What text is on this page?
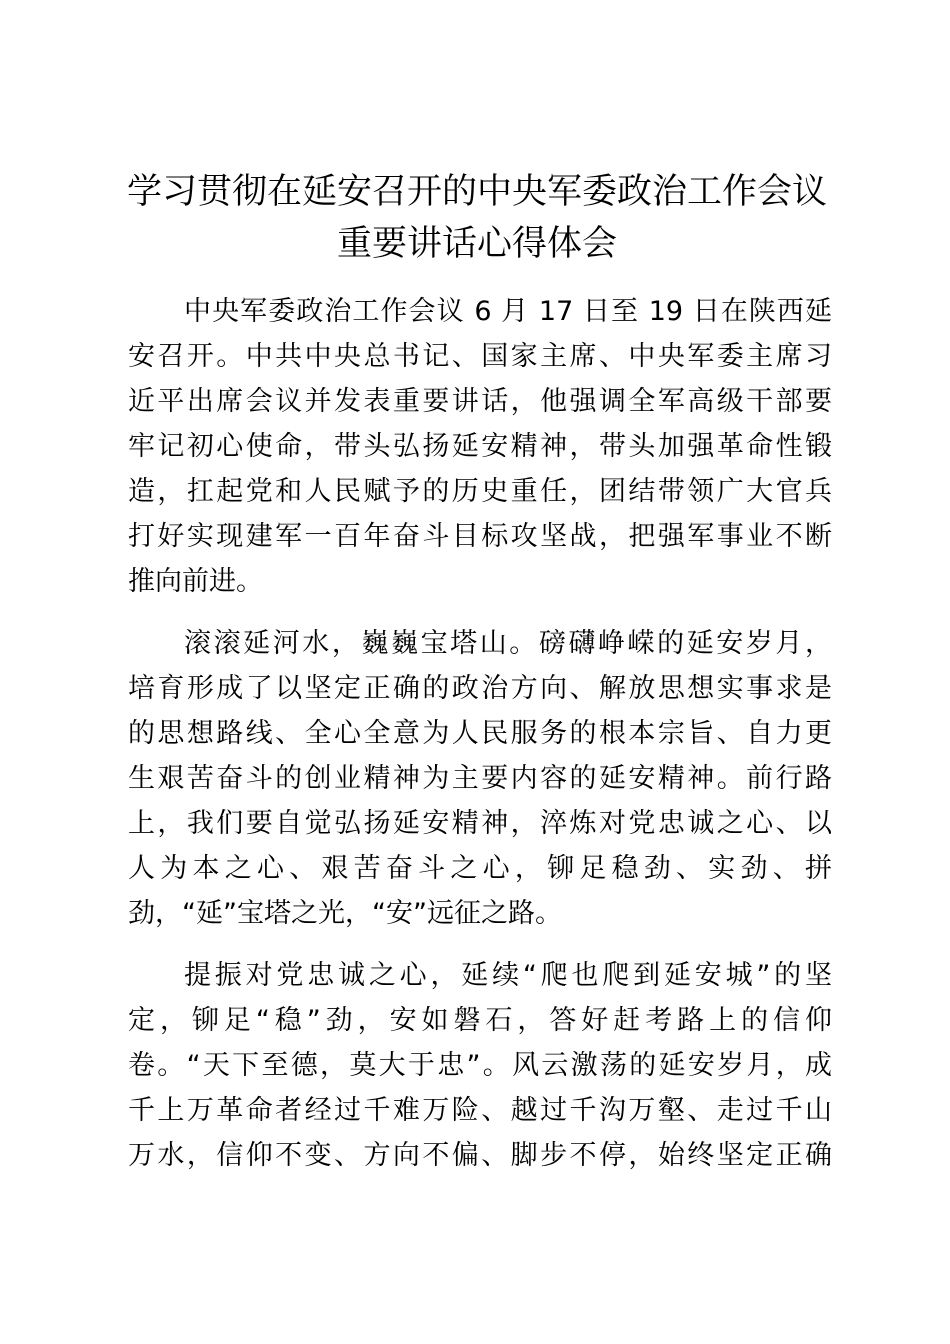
学习贯彻在延安召开的中央军委政治工作会议
重要讲话心得体会
中央军委政治工作会议 6 月 17 日至 19 日在陕西延
安召开。中共中央总书记、国家主席、中央军委主席习
近平出席会议并发表重要讲话，他强调全军高级干部要
牢记初心使命，带头弘扬延安精神，带头加强革命性锻
造，扛起党和人民赋予的历史重任，团结带领广大官兵
打好实现建军一百年奋斗目标攻坚战，把强军事业不断
推向前进。
滚滚延河水，巍巍宝塔山。磅礴峥嵘的延安岁月，
培育形成了以坚定正确的政治方向、解放思想实事求是
的思想路线、全心全意为人民服务的根本宗旨、自力更
生艰苦奋斗的创业精神为主要内容的延安精神。前行路
上，我们要自觉弘扬延安精神，淬炼对党忠诚之心、以
人为本之心、艰苦奋斗之心，铆足稳劲、实劲、拼
劲，“延”宝塔之光，“安”远征之路。
提振对党忠诚之心，延续“爬也爬到延安城”的坚
定，铆足“稳”劲，安如磐石，答好赶考路上的信仰
卷。“天下至德，莫大于忠”。风云激荡的延安岁月，成
千上万革命者经过千难万险、越过千沟万壑、走过千山
万水，信仰不变、方向不偏、脚步不停，始终坚定正确
